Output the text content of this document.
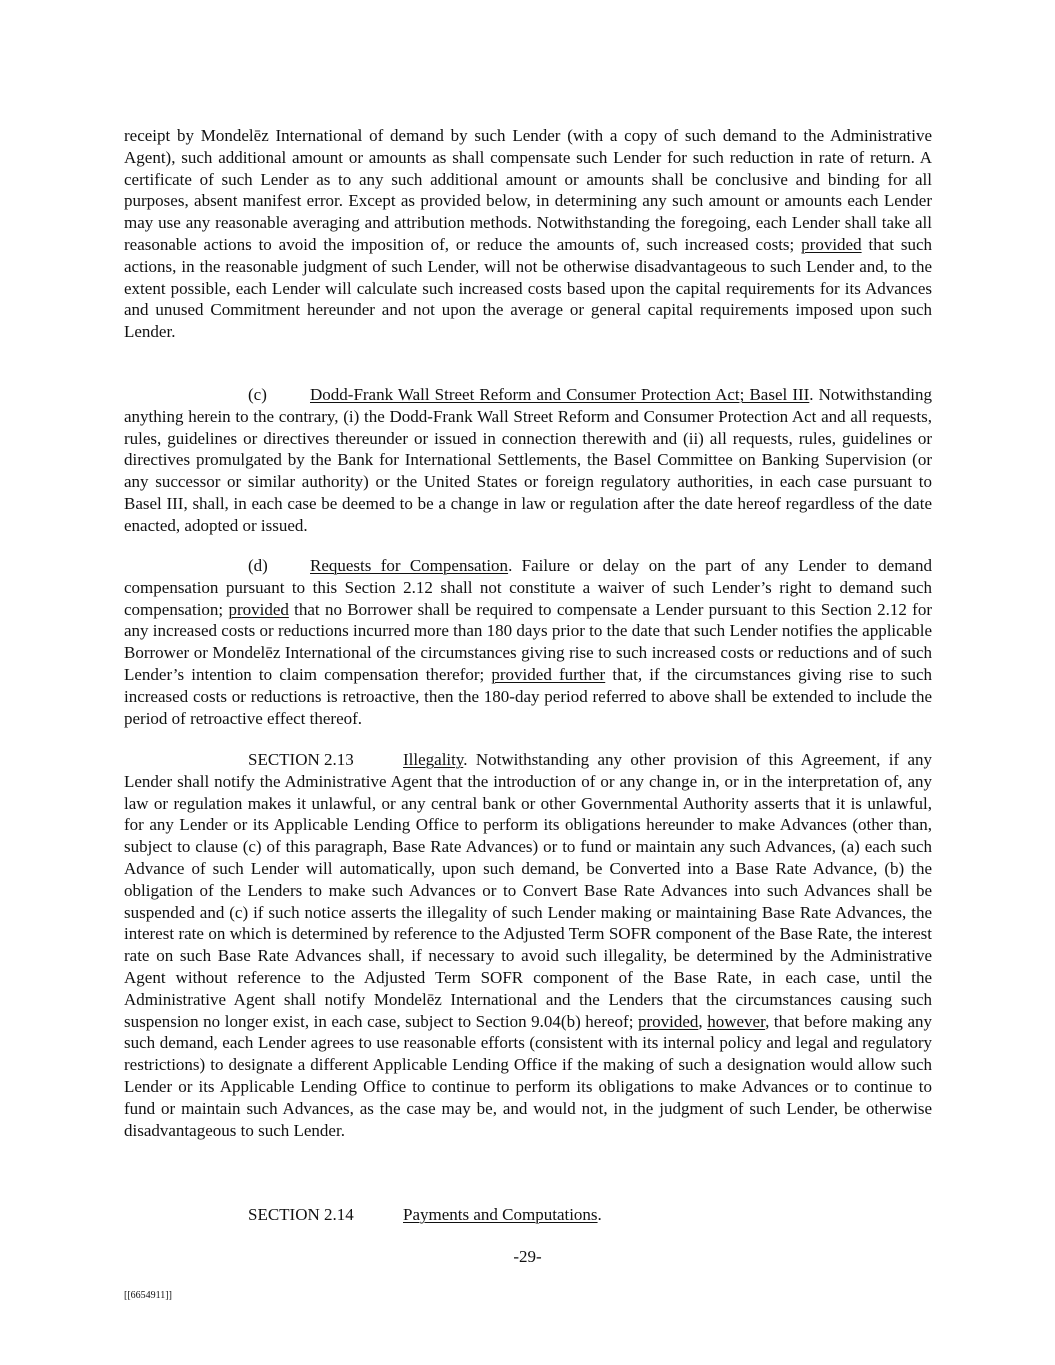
receipt by Mondelēz International of demand by such Lender (with a copy of such demand to the Administrative Agent), such additional amount or amounts as shall compensate such Lender for such reduction in rate of return. A certificate of such Lender as to any such additional amount or amounts shall be conclusive and binding for all purposes, absent manifest error. Except as provided below, in determining any such amount or amounts each Lender may use any reasonable averaging and attribution methods. Notwithstanding the foregoing, each Lender shall take all reasonable actions to avoid the imposition of, or reduce the amounts of, such increased costs; provided that such actions, in the reasonable judgment of such Lender, will not be otherwise disadvantageous to such Lender and, to the extent possible, each Lender will calculate such increased costs based upon the capital requirements for its Advances and unused Commitment hereunder and not upon the average or general capital requirements imposed upon such Lender.

(c)	Dodd-Frank Wall Street Reform and Consumer Protection Act; Basel III. Notwithstanding anything herein to the contrary, (i) the Dodd-Frank Wall Street Reform and Consumer Protection Act and all requests, rules, guidelines or directives thereunder or issued in connection therewith and (ii) all requests, rules, guidelines or directives promulgated by the Bank for International Settlements, the Basel Committee on Banking Supervision (or any successor or similar authority) or the United States or foreign regulatory authorities, in each case pursuant to Basel III, shall, in each case be deemed to be a change in law or regulation after the date hereof regardless of the date enacted, adopted or issued.

(d) Requests for Compensation. Failure or delay on the part of any Lender to demand compensation pursuant to this Section 2.12 shall not constitute a waiver of such Lender’s right to demand such compensation; provided that no Borrower shall be required to compensate a Lender pursuant to this Section 2.12 for any increased costs or reductions incurred more than 180 days prior to the date that such Lender notifies the applicable Borrower or Mondelēz International of the circumstances giving rise to such increased costs or reductions and of such Lender’s intention to claim compensation therefor; provided further that, if the circumstances giving rise to such increased costs or reductions is retroactive, then the 180-day period referred to above shall be extended to include the period of retroactive effect thereof.

SECTION 2.13	Illegality. Notwithstanding any other provision of this Agreement, if any Lender shall notify the Administrative Agent that the introduction of or any change in, or in the interpretation of, any law or regulation makes it unlawful, or any central bank or other Governmental Authority asserts that it is unlawful, for any Lender or its Applicable Lending Office to perform its obligations hereunder to make Advances (other than, subject to clause (c) of this paragraph, Base Rate Advances) or to fund or maintain any such Advances, (a) each such Advance of such Lender will automatically, upon such demand, be Converted into a Base Rate Advance, (b) the obligation of the Lenders to make such Advances or to Convert Base Rate Advances into such Advances shall be suspended and (c) if such notice asserts the illegality of such Lender making or maintaining Base Rate Advances, the interest rate on which is determined by reference to the Adjusted Term SOFR component of the Base Rate, the interest rate on such Base Rate Advances shall, if necessary to avoid such illegality, be determined by the Administrative Agent without reference to the Adjusted Term SOFR component of the Base Rate, in each case, until the Administrative Agent shall notify Mondelēz International and the Lenders that the circumstances causing such suspension no longer exist, in each case, subject to Section 9.04(b) hereof; provided, however, that before making any such demand, each Lender agrees to use reasonable efforts (consistent with its internal policy and legal and regulatory restrictions) to designate a different Applicable Lending Office if the making of such a designation would allow such Lender or its Applicable Lending Office to continue to perform its obligations to make Advances or to continue to fund or maintain such Advances, as the case may be, and would not, in the judgment of such Lender, be otherwise disadvantageous to such Lender.

SECTION 2.14	Payments and Computations.

-29-
[[6654911]]
